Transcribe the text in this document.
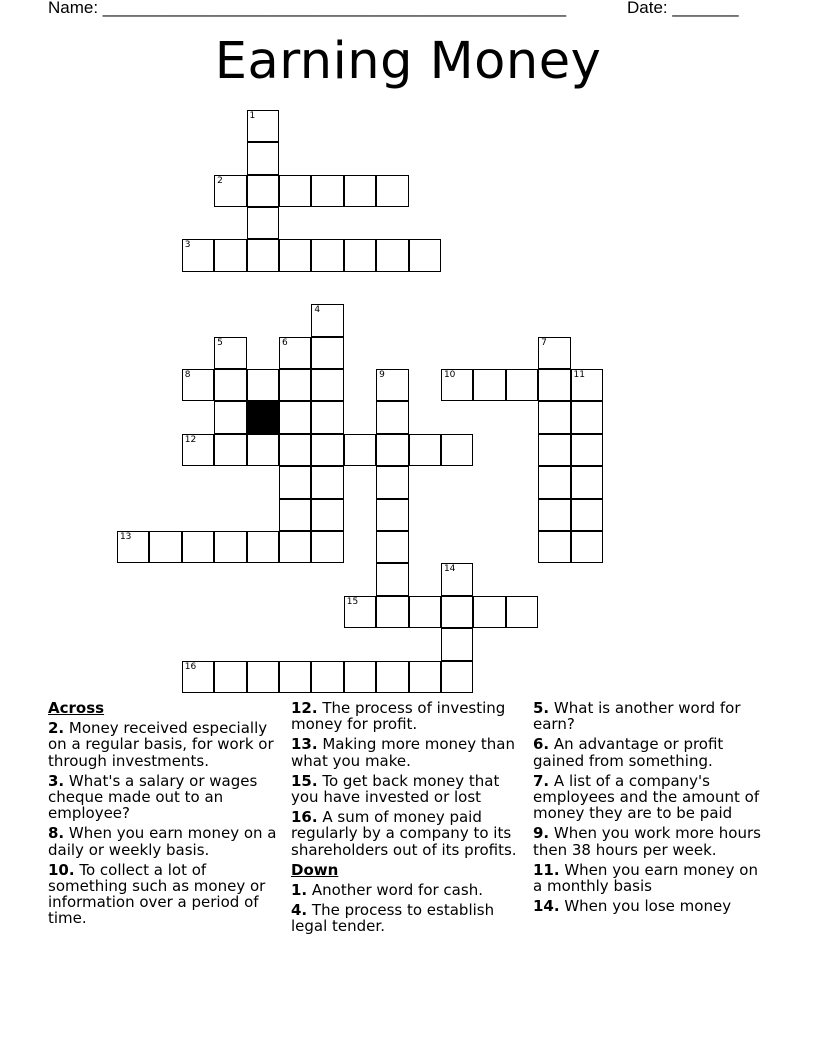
Name: _________________________________________________	Date: _______
Earning Money
1
2
3
4
5	6	7
8	9	10	11
12
13
14
15
16
Across
2. Money received especially on a regular basis, for work or through investments.
3. What's a salary or wages cheque made out to an employee?
8. When you earn money on a daily or weekly basis.
10. To collect a lot of something such as money or information over a period of time.
12. The process of investing money for profit.
13. Making more money than what you make.
15. To get back money that you have invested or lost
16. A sum of money paid regularly by a company to its shareholders out of its profits.
Down
1. Another word for cash.
4. The process to establish legal tender.
5. What is another word for earn?
6. An advantage or profit gained from something.
7. A list of a company's employees and the amount of money they are to be paid
9. When you work more hours then 38 hours per week.
11. When you earn money on a monthly basis
14. When you lose money
